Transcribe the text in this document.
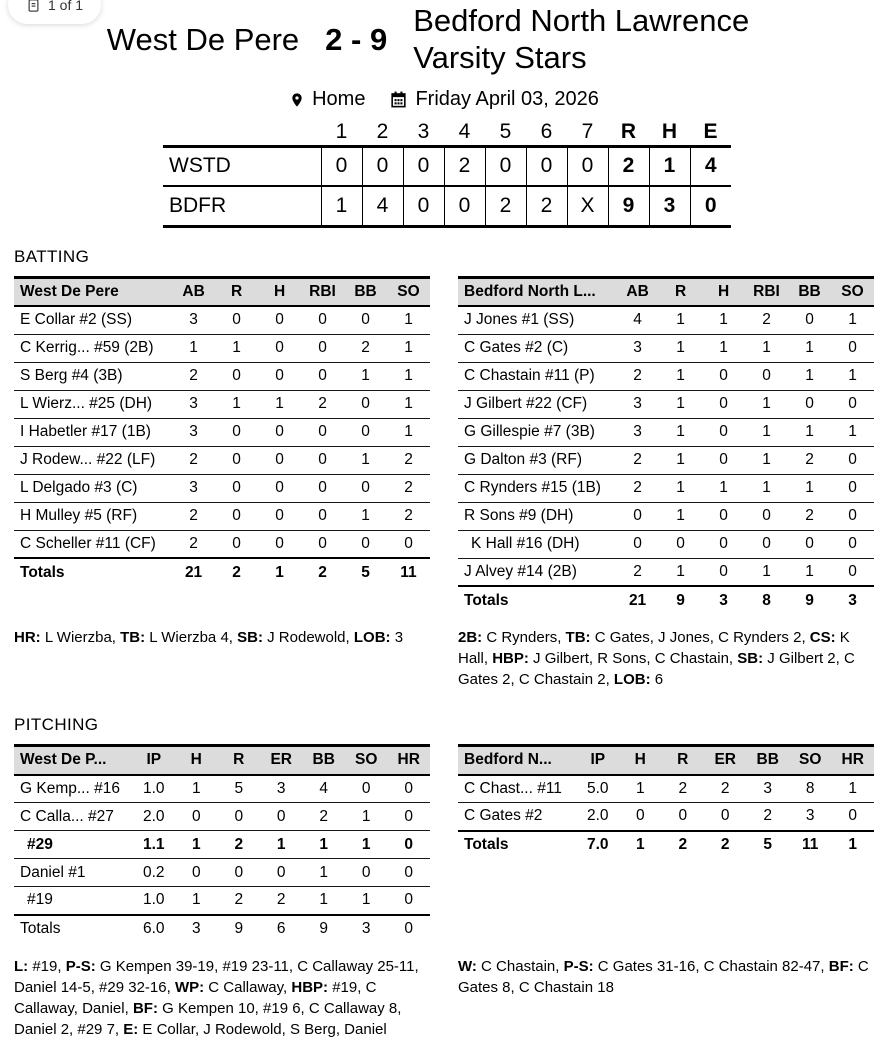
1 of 1
West De Pere 2 - 9
Bedford North Lawrence Varsity Stars
Home	Friday April 03, 2026
	1	2	3	4	5	6	7	R	H	E
WSTD	0	0	0	2	0	0	0	2	1	4
BDFR	1	4	0	0	2	2	X	9	3	0
BATTING
West De Pere	AB	R	H	RBI	BB	SO
E Collar #2 (SS)	3	0	0	0	0	1
C Kerrig... #59 (2B)	1	1	0	0	2	1
S Berg #4 (3B)	2	0	0	0	1	1
L Wierz... #25 (DH)	3	1	1	2	0	1
I Habetler #17 (1B)	3	0	0	0	0	1
J Rodew... #22 (LF)	2	0	0	0	1	2
L Delgado #3 (C)	3	0	0	0	0	2
H Mulley #5 (RF)	2	0	0	0	1	2
C Scheller #11 (CF)	2	0	0	0	0	0
Totals	21	2	1	2	5	11
Bedford North L...	AB	R	H	RBI	BB	SO
J Jones #1 (SS)	4	1	1	2	0	1
C Gates #2 (C)	3	1	1	1	1	0
C Chastain #11 (P)	2	1	0	0	1	1
J Gilbert #22 (CF)	3	1	0	1	0	0
G Gillespie #7 (3B)	3	1	0	1	1	1
G Dalton #3 (RF)	2	1	0	1	2	0
C Rynders #15 (1B)	2	1	1	1	1	0
R Sons #9 (DH)	0	1	0	0	2	0
K Hall #16 (DH)	0	0	0	0	0	0
J Alvey #14 (2B)	2	1	0	1	1	0
Totals	21	9	3	8	9	3

HR: L Wierzba, TB: L Wierzba 4, SB: J Rodewold, LOB: 3	2B: C Rynders, TB: C Gates, J Jones, C Rynders 2, CS: K Hall, HBP: J Gilbert, R Sons, C Chastain, SB: J Gilbert 2, C Gates 2, C Chastain 2, LOB: 6

PITCHING
West De P...	IP	H	R	ER	BB	SO	HR
G Kemp... #16	1.0	1	5	3	4	0	0
C Calla... #27	2.0	0	0	0	2	1	0
#29	1.1	1	2	1	1	1	0
Daniel #1	0.2	0	0	0	1	0	0
#19	1.0	1	2	2	1	1	0
Totals	6.0	3	9	6	9	3	0
Bedford N...	IP	H	R	ER	BB	SO	HR
C Chast... #11	5.0	1	2	2	3	8	1
C Gates #2	2.0	0	0	0	2	3	0
Totals	7.0	1	2	2	5	11	1

L: #19, P-S: G Kempen 39-19, #19 23-11, C Callaway 25-11, Daniel 14-5, #29 32-16, WP: C Callaway, HBP: #19, C Callaway, Daniel, BF: G Kempen 10, #19 6, C Callaway 8, Daniel 2, #29 7, E: E Collar, J Rodewold, S Berg, Daniel

W: C Chastain, P-S: C Gates 31-16, C Chastain 82-47, BF: C Gates 8, C Chastain 18
